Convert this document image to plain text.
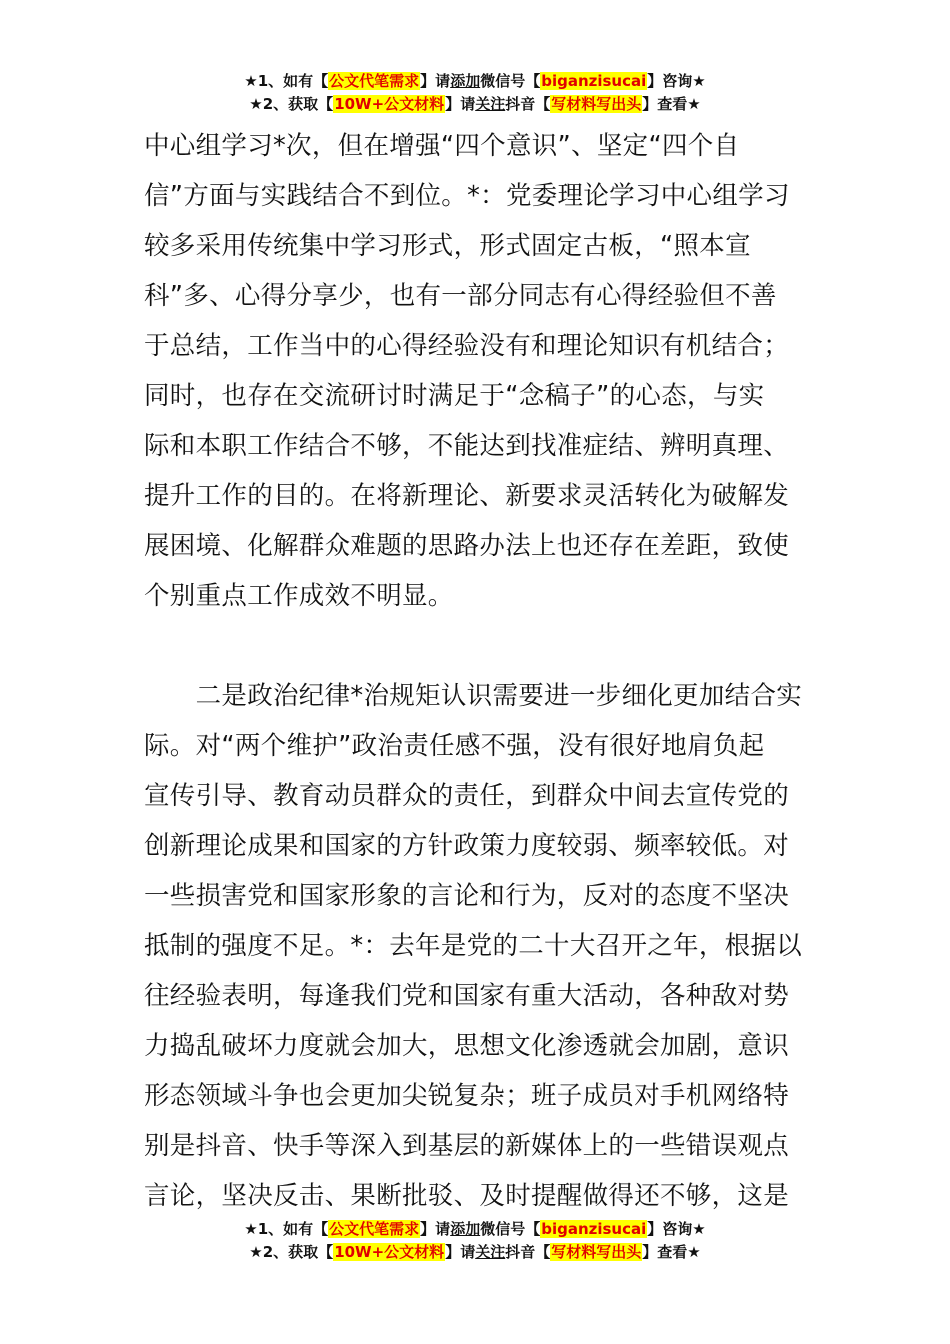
★1、如有【公文代笔需求】请添加微信号【biganzisucai】咨询★
★2、获取【10W+公文材料】请关注抖音【写材料写出头】查看★
中心组学习*次，但在增强“四个意识”、坚定“四个自
信”方面与实践结合不到位。*：党委理论学习中心组学习
较多采用传统集中学习形式，形式固定古板，“照本宣
科”多、心得分享少，也有一部分同志有心得经验但不善
于总结，工作当中的心得经验没有和理论知识有机结合；
同时，也存在交流研讨时满足于“念稿子”的心态，与实
际和本职工作结合不够，不能达到找准症结、辨明真理、
提升工作的目的。在将新理论、新要求灵活转化为破解发
展困境、化解群众难题的思路办法上也还存在差距，致使
个别重点工作成效不明显。
　　二是政治纪律*治规矩认识需要进一步细化更加结合实
际。对“两个维护”政治责任感不强，没有很好地肩负起
宣传引导、教育动员群众的责任，到群众中间去宣传党的
创新理论成果和国家的方针政策力度较弱、频率较低。对
一些损害党和国家形象的言论和行为，反对的态度不坚决
抵制的强度不足。*：去年是党的二十大召开之年，根据以
往经验表明，每逢我们党和国家有重大活动，各种敌对势
力捣乱破坏力度就会加大，思想文化渗透就会加剧，意识
形态领域斗争也会更加尖锐复杂；班子成员对手机网络特
别是抖音、快手等深入到基层的新媒体上的一些错误观点
言论，坚决反击、果断批驳、及时提醒做得还不够，这是
★1、如有【公文代笔需求】请添加微信号【biganzisucai】咨询★
★2、获取【10W+公文材料】请关注抖音【写材料写出头】查看★
